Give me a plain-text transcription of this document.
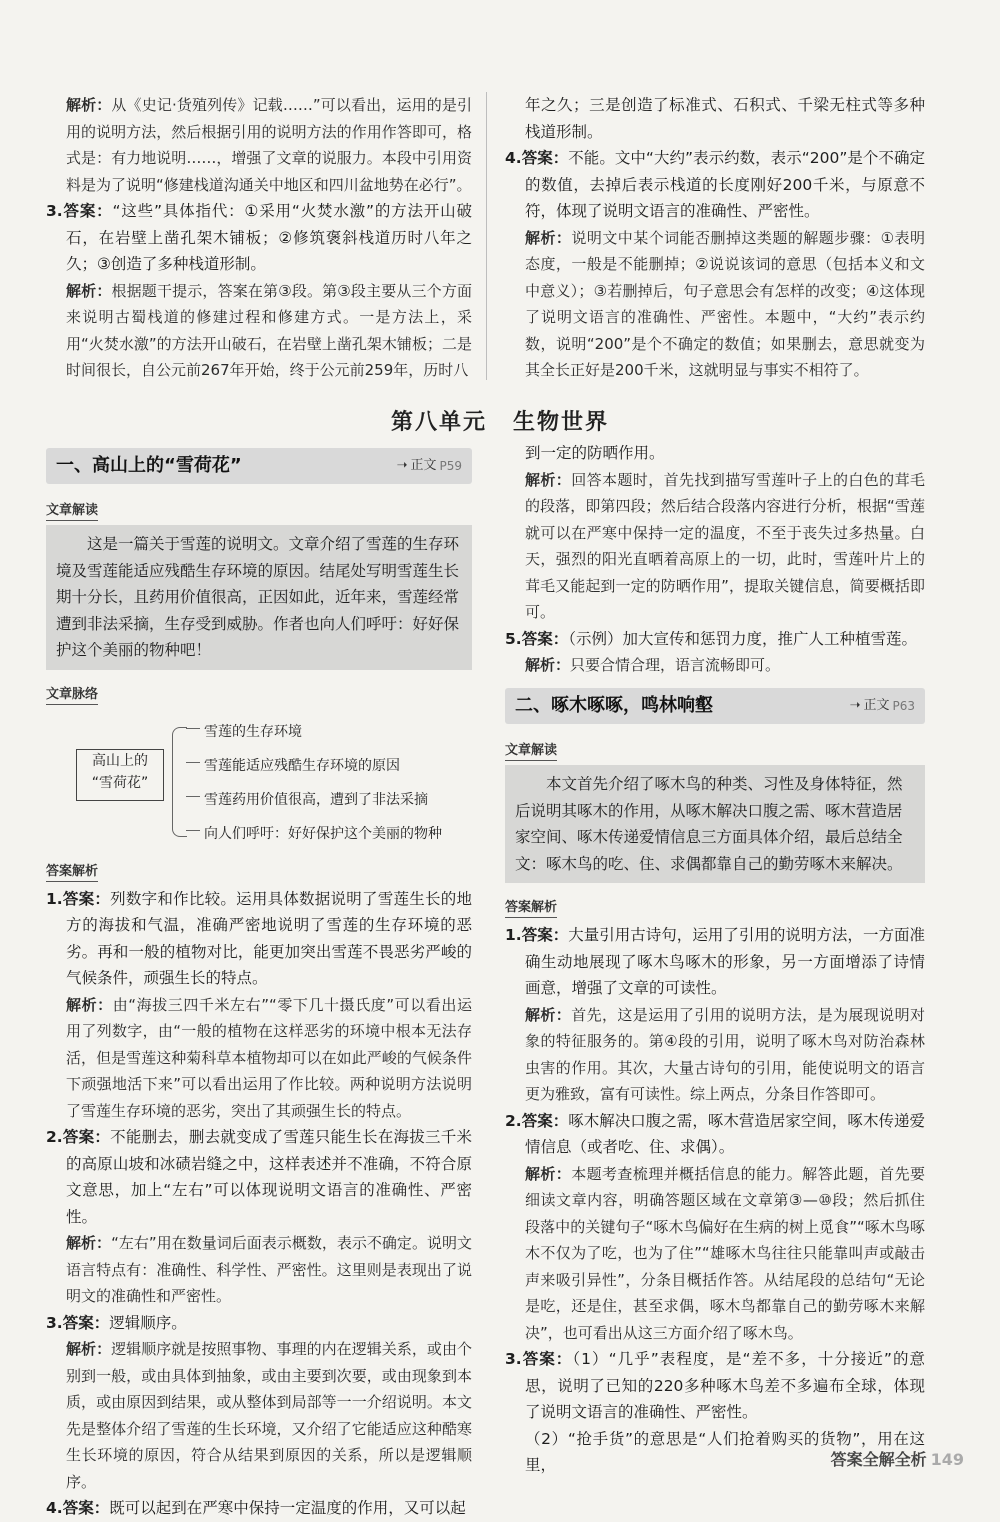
解析：从《史记·货殖列传》记载……”可以看出，运用的是引用的说明方法，然后根据引用的说明方法的作用作答即可，格式是：有力地说明……，增强了文章的说服力。本段中引用资料是为了说明“修建栈道沟通关中地区和四川盆地势在必行”。

3.答案：“这些”具体指代：①采用“火焚水激”的方法开山破石，在岩壁上凿孔架木铺板；②修筑褒斜栈道历时八年之久；③创造了多种栈道形制。

解析：根据题干提示，答案在第③段。第③段主要从三个方面来说明古蜀栈道的修建过程和修建方式。一是方法上，采用“火焚水激”的方法开山破石，在岩壁上凿孔架木铺板；二是时间很长，自公元前267年开始，终于公元前259年，历时八

年之久；三是创造了标准式、石积式、千梁无柱式等多种栈道形制。

4.答案：不能。文中“大约”表示约数，表示“200”是个不确定的数值，去掉后表示栈道的长度刚好200千米，与原意不符，体现了说明文语言的准确性、严密性。

解析：说明文中某个词能否删掉这类题的解题步骤：①表明态度，一般是不能删掉；②说说该词的意思（包括本义和文中意义）；③若删掉后，句子意思会有怎样的改变；④这体现了说明文语言的准确性、严密性。本题中，“大约”表示约数，说明“200”是个不确定的数值；如果删去，意思就变为其全长正好是200千米，这就明显与事实不相符了。

第八单元 生物世界
一、高山上的“雪荷花”	➝ 正文 P59
文章解读
这是一篇关于雪莲的说明文。文章介绍了雪莲的生存环境及雪莲能适应残酷生存环境的原因。结尾处写明雪莲生长期十分长，且药用价值很高，正因如此，近年来，雪莲经常遭到非法采摘，生存受到威胁。作者也向人们呼吁：好好保护这个美丽的物种吧！
文章脉络
高山上的
“雪荷花”
雪莲的生存环境
雪莲能适应残酷生存环境的原因
雪莲药用价值很高，遭到了非法采摘
向人们呼吁：好好保护这个美丽的物种
答案解析

1.答案：列数字和作比较。运用具体数据说明了雪莲生长的地方的海拔和气温，准确严密地说明了雪莲的生存环境的恶劣。再和一般的植物对比，能更加突出雪莲不畏恶劣严峻的气候条件，顽强生长的特点。

解析：由“海拔三四千米左右”“零下几十摄氏度”可以看出运用了列数字，由“一般的植物在这样恶劣的环境中根本无法存活，但是雪莲这种菊科草本植物却可以在如此严峻的气候条件下顽强地活下来”可以看出运用了作比较。两种说明方法说明了雪莲生存环境的恶劣，突出了其顽强生长的特点。

2.答案：不能删去，删去就变成了雪莲只能生长在海拔三千米的高原山坡和冰碛岩缝之中，这样表述并不准确，不符合原文意思，加上“左右”可以体现说明文语言的准确性、严密性。

解析：“左右”用在数量词后面表示概数，表示不确定。说明文语言特点有：准确性、科学性、严密性。这里则是表现出了说明文的准确性和严密性。

3.答案：逻辑顺序。

解析：逻辑顺序就是按照事物、事理的内在逻辑关系，或由个别到一般，或由具体到抽象，或由主要到次要，或由现象到本质，或由原因到结果，或从整体到局部等一一介绍说明。本文先是整体介绍了雪莲的生长环境，又介绍了它能适应这种酷寒生长环境的原因，符合从结果到原因的关系，所以是逻辑顺序。

4.答案：既可以起到在严寒中保持一定温度的作用，又可以起

到一定的防晒作用。

解析：回答本题时，首先找到描写雪莲叶子上的白色的茸毛的段落，即第四段；然后结合段落内容进行分析，根据“雪莲就可以在严寒中保持一定的温度，不至于丧失过多热量。白天，强烈的阳光直晒着高原上的一切，此时，雪莲叶片上的茸毛又能起到一定的防晒作用”，提取关键信息，简要概括即可。

5.答案：（示例）加大宣传和惩罚力度，推广人工种植雪莲。

解析：只要合情合理，语言流畅即可。

二、啄木啄啄，鸣林响壑	➝ 正文 P63
文章解读
本文首先介绍了啄木鸟的种类、习性及身体特征，然后说明其啄木的作用，从啄木解决口腹之需、啄木营造居家空间、啄木传递爱情信息三方面具体介绍，最后总结全文：啄木鸟的吃、住、求偶都靠自己的勤劳啄木来解决。
答案解析

1.答案：大量引用古诗句，运用了引用的说明方法，一方面准确生动地展现了啄木鸟啄木的形象，另一方面增添了诗情画意，增强了文章的可读性。

解析：首先，这是运用了引用的说明方法，是为展现说明对象的特征服务的。第④段的引用，说明了啄木鸟对防治森林虫害的作用。其次，大量古诗句的引用，能使说明文的语言更为雅致，富有可读性。综上两点，分条目作答即可。

2.答案：啄木解决口腹之需，啄木营造居家空间，啄木传递爱情信息（或者吃、住、求偶）。

解析：本题考查梳理并概括信息的能力。解答此题，首先要细读文章内容，明确答题区域在文章第③—⑩段；然后抓住段落中的关键句子“啄木鸟偏好在生病的树上觅食”“啄木鸟啄木不仅为了吃，也为了住”“雄啄木鸟往往只能靠叫声或敲击声来吸引异性”，分条目概括作答。从结尾段的总结句“无论是吃，还是住，甚至求偶，啄木鸟都靠自己的勤劳啄木来解决”，也可看出从这三方面介绍了啄木鸟。

3.答案：（1）“几乎”表程度，是“差不多，十分接近”的意思，说明了已知的220多种啄木鸟差不多遍布全球，体现了说明文语言的准确性、严密性。

（2）“抢手货”的意思是“人们抢着购买的货物”，用在这里，	答案全解全析 149
